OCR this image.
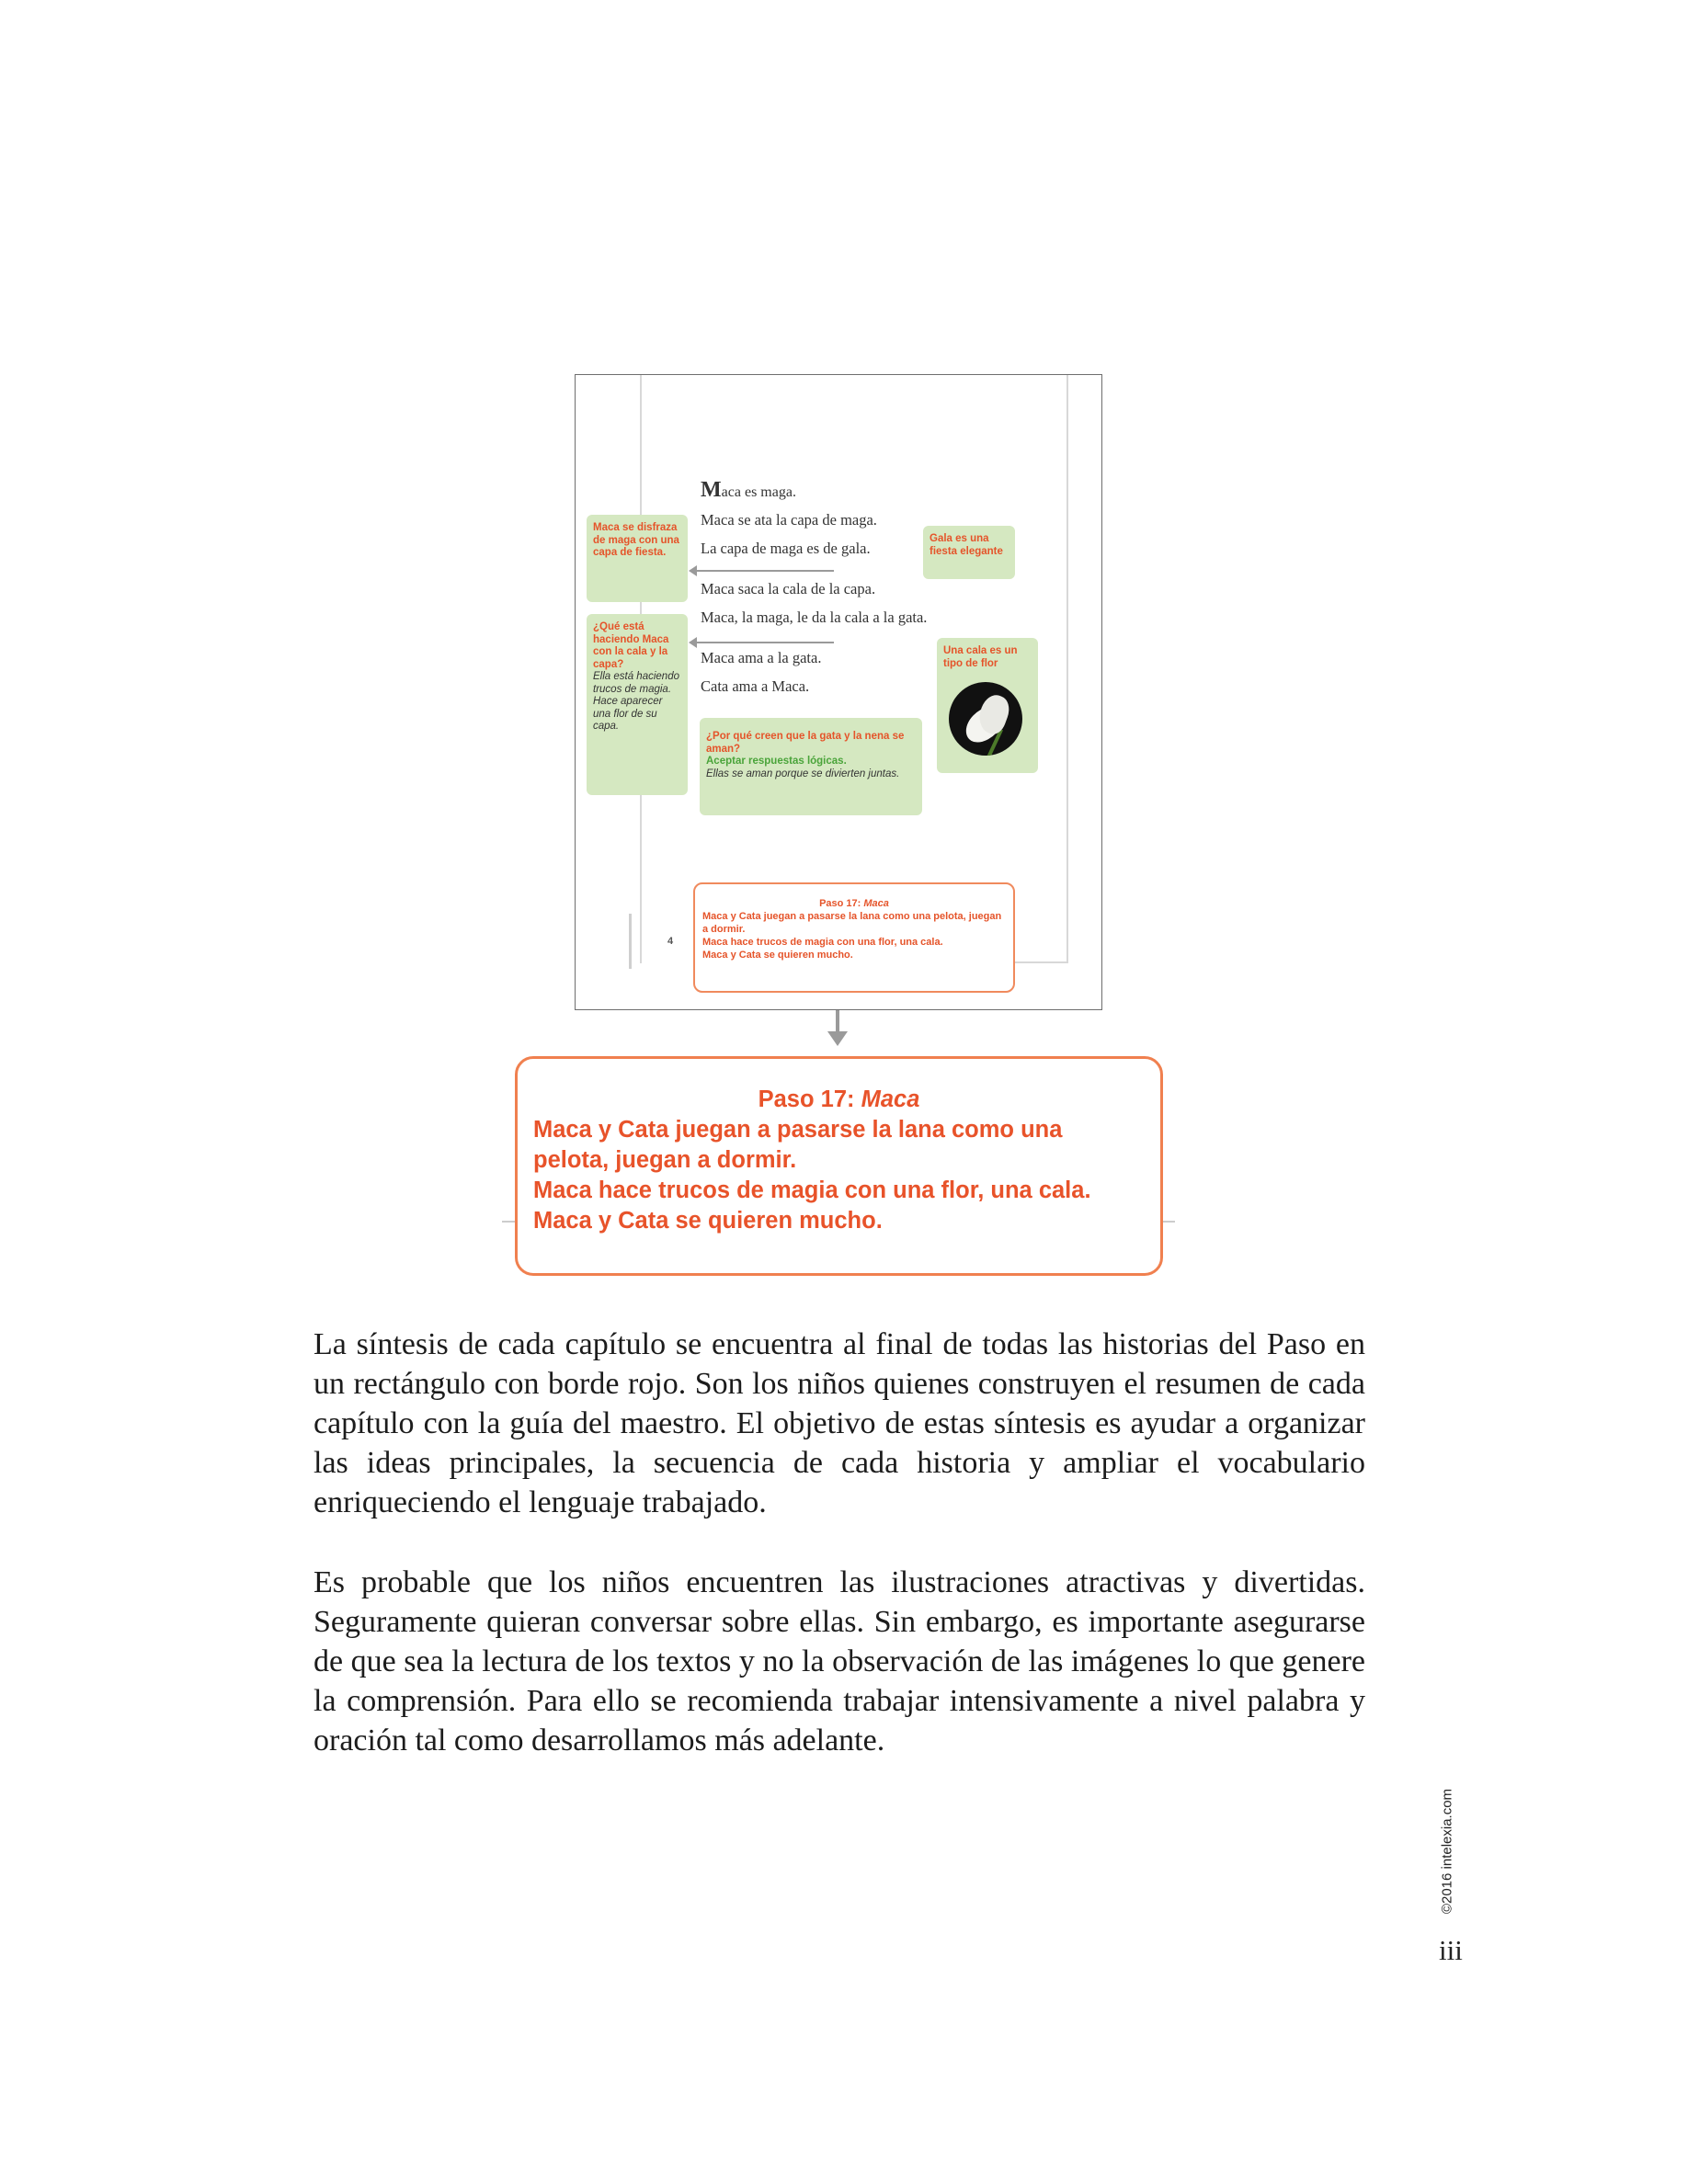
Maca es maga.
Maca se ata la capa de maga.
La capa de maga es de gala.
Maca saca la cala de la capa.
Maca, la maga, le da la cala a la gata.
Maca ama a la gata.
Cata ama a Maca.
Maca se disfraza de maga con una capa de fiesta.
Gala es una fiesta elegante
¿Qué está haciendo Maca con la cala y la capa?
Ella está haciendo trucos de magia. Hace aparecer una flor de su capa.
Una cala es un tipo de flor
¿Por qué creen que la gata y la nena se aman?
Aceptar respuestas lógicas.
Ellas se aman porque se divierten juntas.
4
Paso 17: Maca
Maca y Cata juegan a pasarse la lana como una pelota, juegan a dormir.
Maca hace trucos de magia con una flor, una cala.
Maca y Cata se quieren mucho.
Paso 17: Maca
Maca y Cata juegan a pasarse la lana como una
pelota, juegan a dormir.
Maca hace trucos de magia con una flor, una cala.
Maca y Cata se quieren mucho.
La síntesis de cada capítulo se encuentra al final de todas las historias del Paso en un rectángulo con borde rojo. Son los niños quienes construyen el resumen de cada capítulo con la guía del maestro. El objetivo de estas síntesis es ayudar a organizar las ideas principales, la secuencia de cada historia y ampliar el vocabulario enriqueciendo el lenguaje trabajado.
Es probable que los niños encuentren las ilustraciones atractivas y divertidas. Seguramente quieran conversar sobre ellas. Sin embargo, es importante asegurarse de que sea la lectura de los textos y no la observación de las imágenes lo que genere la comprensión. Para ello se recomienda trabajar intensivamente a nivel palabra y oración tal como desarrollamos más adelante.
©2016 intelexia.com
iii
